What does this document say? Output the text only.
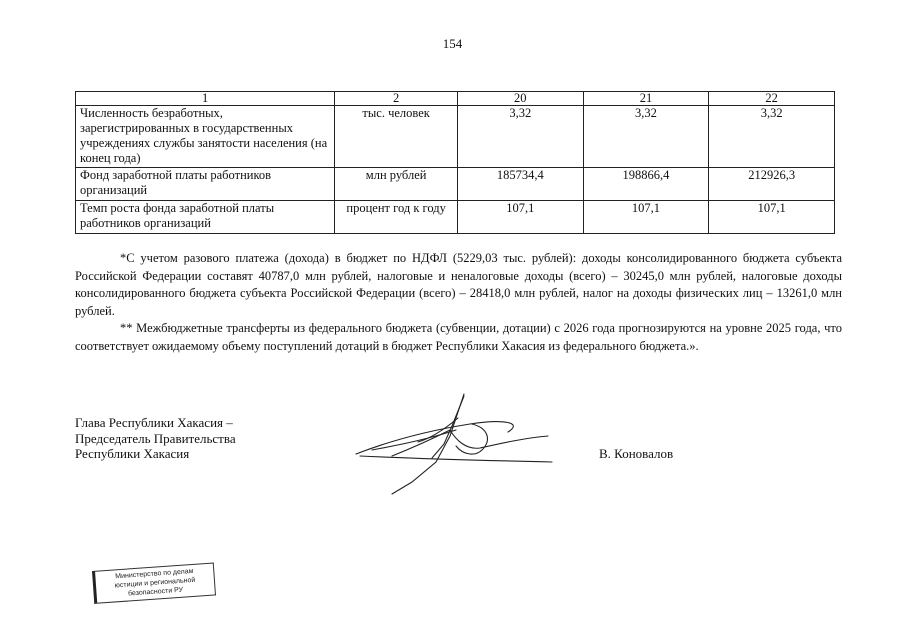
154
1	2	20	21	22
Численность безработных, зарегистрированных в государственных учреждениях службы занятости населения (на конец года)	тыс. человек	3,32	3,32	3,32
Фонд заработной платы работников организаций	млн рублей	185734,4	198866,4	212926,3
Темп роста фонда заработной платы работников организаций	процент год к году	107,1	107,1	107,1

*С учетом разового платежа (дохода) в бюджет по НДФЛ (5229,03 тыс. рублей): доходы консолидированного бюджета субъекта Российской Федерации составят 40787,0 млн рублей, налоговые и неналоговые доходы (всего) – 30245,0 млн рублей, налоговые доходы консолидированного бюджета субъекта Российской Федерации (всего) – 28418,0 млн рублей, налог на доходы физических лиц – 13261,0 млн рублей.

** Межбюджетные трансферты из федерального бюджета (субвенции, дотации) с 2026 года прогнозируются на уровне 2025 года, что соответствует ожидаемому объему поступлений дотаций в бюджет Республики Хакасия из федерального бюджета.».

Глава Республики Хакасия –
Председатель Правительства
Республики Хакасия	В. Коновалов
Министерство по делам
юстиции и региональной
безопасности РУ
